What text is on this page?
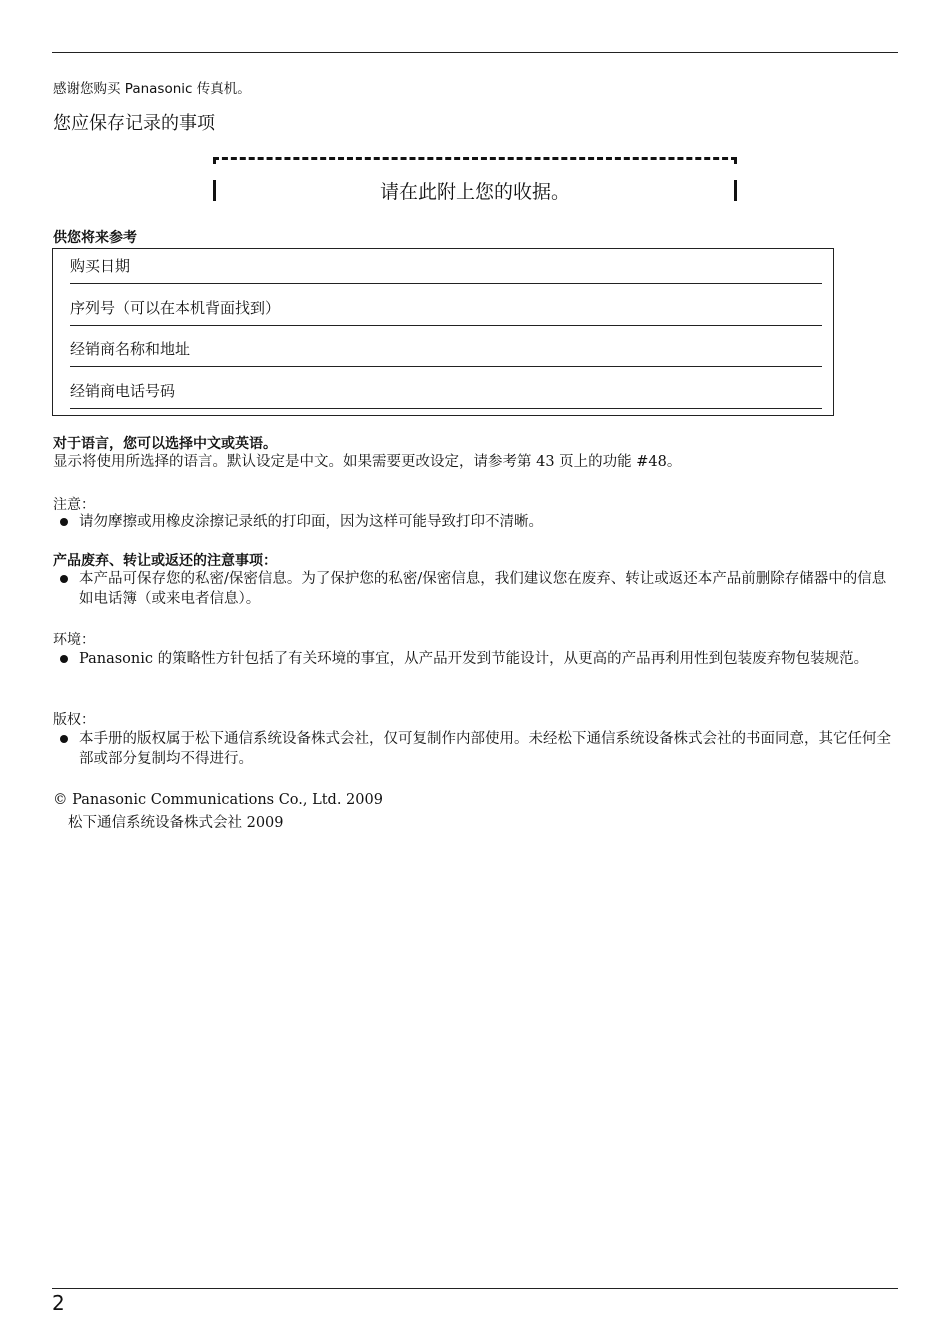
感谢您购买 Panasonic 传真机。
您应保存记录的事项
请在此附上您的收据。
供您将来参考
购买日期
序列号（可以在本机背面找到）
经销商名称和地址
经销商电话号码
对于语言，您可以选择中文或英语。
显示将使用所选择的语言。默认设定是中文。如果需要更改设定，请参考第 43 页上的功能 #48。
注意：
请勿摩擦或用橡皮涂擦记录纸的打印面，因为这样可能导致打印不清晰。
产品废弃、转让或返还的注意事项：
本产品可保存您的私密/保密信息。为了保护您的私密/保密信息，我们建议您在废弃、转让或返还本产品前删除存储器中的信息如电话簿（或来电者信息）。
环境：
Panasonic 的策略性方针包括了有关环境的事宜，从产品开发到节能设计，从更高的产品再利用性到包装废弃物包装规范。
版权：
本手册的版权属于松下通信系统设备株式会社，仅可复制作内部使用。未经松下通信系统设备株式会社的书面同意，其它任何全部或部分复制均不得进行。
© Panasonic Communications Co., Ltd. 2009
松下通信系统设备株式会社 2009
2
